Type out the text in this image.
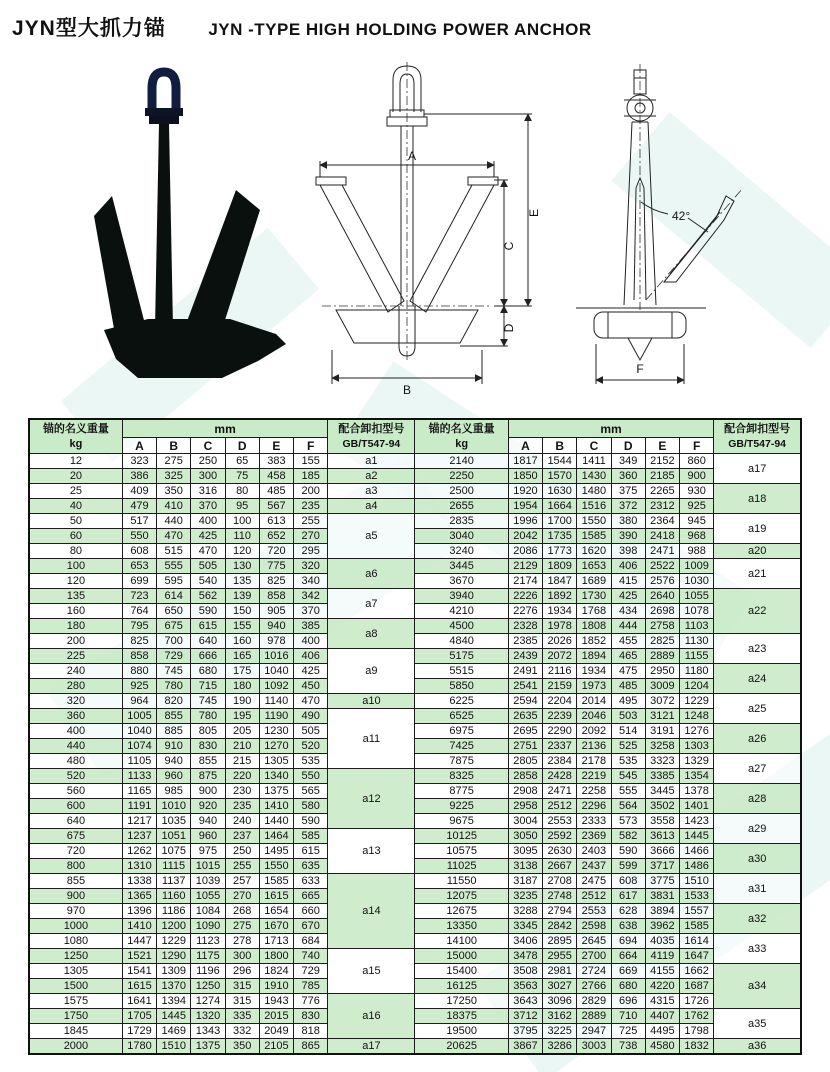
JYN型大抓力锚 JYN -TYPE HIGH HOLDING POWER ANCHOR
A
E
C
D
B
42°
F
锚的名义重量
kg
	mm	配合卸扣型号
GB/T547-94

锚的名义重量
kg
	mm	配合卸扣型号
GB/T547-94

	A	B	C	D	E	F			A	B	C	D	E	F	
12	323	275	250	65	383	155	a1	2140	1817	1544	1411	349	2152	860	a17
20	386	325	300	75	458	185	a2	2250	1850	1570	1430	360	2185	900	
25	409	350	316	80	485	200	a3	2500	1920	1630	1480	375	2265	930	a18
40	479	410	370	95	567	235	a4	2655	1954	1664	1516	372	2312	925	
50	517	440	400	100	613	255	a5	2835	1996	1700	1550	380	2364	945	a19
60	550	470	425	110	652	270		3040	2042	1735	1585	390	2418	968	
80	608	515	470	120	720	295		3240	2086	1773	1620	398	2471	988	a20
100	653	555	505	130	775	320	a6	3445	2129	1809	1653	406	2522	1009	a21
120	699	595	540	135	825	340		3670	2174	1847	1689	415	2576	1030	
135	723	614	562	139	858	342	a7	3940	2226	1892	1730	425	2640	1055	a22
160	764	650	590	150	905	370		4210	2276	1934	1768	434	2698	1078	
180	795	675	615	155	940	385	a8	4500	2328	1978	1808	444	2758	1103	
200	825	700	640	160	978	400		4840	2385	2026	1852	455	2825	1130	a23
225	858	729	666	165	1016	406	a9	5175	2439	2072	1894	465	2889	1155	
240	880	745	680	175	1040	425		5515	2491	2116	1934	475	2950	1180	a24
280	925	780	715	180	1092	450		5850	2541	2159	1973	485	3009	1204	
320	964	820	745	190	1140	470	a10	6225	2594	2204	2014	495	3072	1229	a25
360	1005	855	780	195	1190	490	a11	6525	2635	2239	2046	503	3121	1248	
400	1040	885	805	205	1230	505		6975	2695	2290	2092	514	3191	1276	a26
440	1074	910	830	210	1270	520		7425	2751	2337	2136	525	3258	1303	
480	1105	940	855	215	1305	535		7875	2805	2384	2178	535	3323	1329	a27
520	1133	960	875	220	1340	550	a12	8325	2858	2428	2219	545	3385	1354	
560	1165	985	900	230	1375	565		8775	2908	2471	2258	555	3445	1378	a28
600	1191	1010	920	235	1410	580		9225	2958	2512	2296	564	3502	1401	
640	1217	1035	940	240	1440	590		9675	3004	2553	2333	573	3558	1423	a29
675	1237	1051	960	237	1464	585	a13	10125	3050	2592	2369	582	3613	1445	
720	1262	1075	975	250	1495	615		10575	3095	2630	2403	590	3666	1466	a30
800	1310	1115	1015	255	1550	635		11025	3138	2667	2437	599	3717	1486	
855	1338	1137	1039	257	1585	633	a14	11550	3187	2708	2475	608	3775	1510	a31
900	1365	1160	1055	270	1615	665		12075	3235	2748	2512	617	3831	1533	
970	1396	1186	1084	268	1654	660		12675	3288	2794	2553	628	3894	1557	a32
1000	1410	1200	1090	275	1670	670		13350	3345	2842	2598	638	3962	1585	
1080	1447	1229	1123	278	1713	684		14100	3406	2895	2645	694	4035	1614	a33
1250	1521	1290	1175	300	1800	740	a15	15000	3478	2955	2700	664	4119	1647	
1305	1541	1309	1196	296	1824	729		15400	3508	2981	2724	669	4155	1662	a34
1500	1615	1370	1250	315	1910	785		16125	3563	3027	2766	680	4220	1687	
1575	1641	1394	1274	315	1943	776	a16	17250	3643	3096	2829	696	4315	1726	
1750	1705	1445	1320	335	2015	830		18375	3712	3162	2889	710	4407	1762	a35
1845	1729	1469	1343	332	2049	818		19500	3795	3225	2947	725	4495	1798	
2000	1780	1510	1375	350	2105	865	a17	20625	3867	3286	3003	738	4580	1832	a36
